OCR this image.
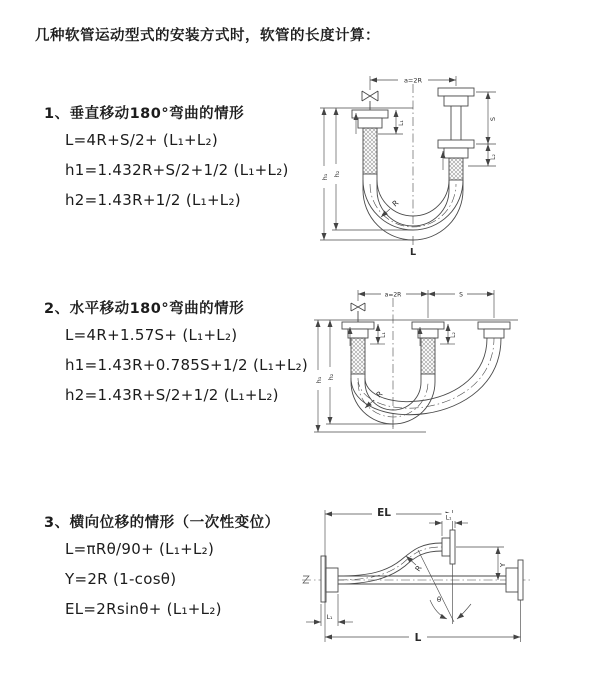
几种软管运动型式的安装方式时，软管的长度计算：
1、垂直移动180°弯曲的情形
L=4R+S/2+ (L₁+L₂)
h1=1.432R+S/2+1/2 (L₁+L₂)
h2=1.43R+1/2 (L₁+L₂)
2、水平移动180°弯曲的情形
L=4R+1.57S+ (L₁+L₂)
h1=1.43R+0.785S+1/2 (L₁+L₂)
h2=1.43R+S/2+1/2 (L₁+L₂)
3、横向位移的情形（一次性变位）
L=πRθ/90+ (L₁+L₂)
Y=2R (1-cosθ)
EL=2Rsinθ+ (L₁+L₂)
a=2R
h₁ h₂
S
L₂
L₁
R
L
a=2R	S
h₁ h₂
L₁	L₂
R
EL	L₁
Y
R
θ
L₁
L
